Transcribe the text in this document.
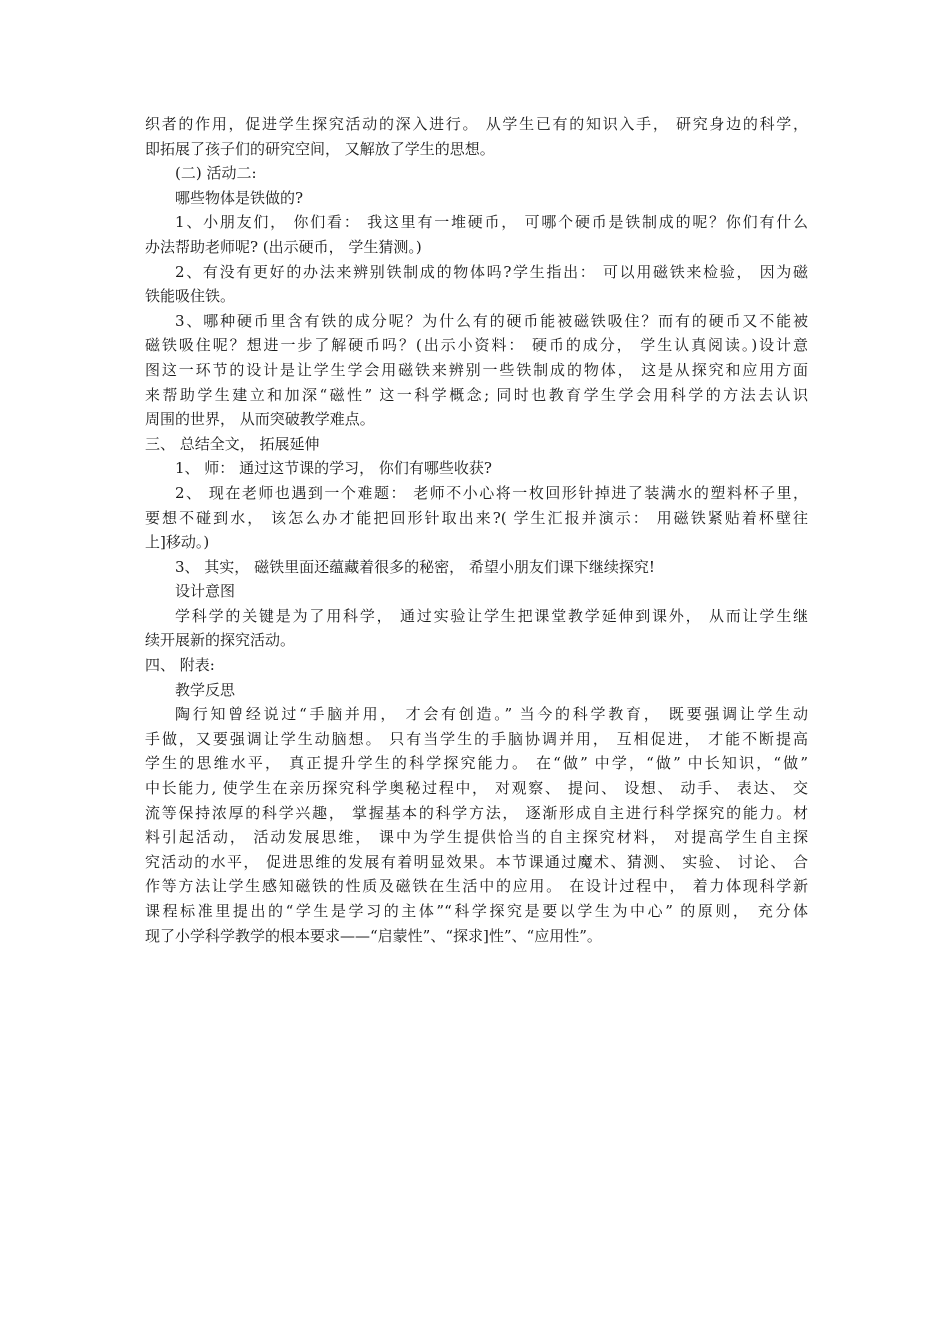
织者的作用，促进学生探究活动的深入进行。 从学生已有的知识入手， 研究身边的科学，
即拓展了孩子们的研究空间， 又解放了学生的思想。
(二) 活动二:
哪些物体是铁做的?
1、小朋友们， 你们看： 我这里有一堆硬币， 可哪个硬币是铁制成的呢？你们有什么
办法帮助老师呢? (出示硬币， 学生猜测。)
2、有没有更好的办法来辨别铁制成的物体吗?学生指出： 可以用磁铁来检验， 因为磁
铁能吸住铁。
3、哪种硬币里含有铁的成分呢？为什么有的硬币能被磁铁吸住？而有的硬币又不能被
磁铁吸住呢？想进一步了解硬币吗？(出示小资料： 硬币的成分， 学生认真阅读。)设计意
图这一环节的设计是让学生学会用磁铁来辨别一些铁制成的物体， 这是从探究和应用方面
来帮助学生建立和加深“磁性” 这一科学概念; 同时也教育学生学会用科学的方法去认识
周围的世界， 从而突破教学难点。
三、 总结全文， 拓展延伸
1、 师： 通过这节课的学习， 你们有哪些收获?
2、 现在老师也遇到一个难题： 老师不小心将一枚回形针掉进了装满水的塑料杯子里，
要想不碰到水， 该怎么办才能把回形针取出来?( 学生汇报并演示： 用磁铁紧贴着杯壁往
上]移动。)
3、 其实， 磁铁里面还蕴藏着很多的秘密， 希望小朋友们课下继续探究!
设计意图
学科学的关键是为了用科学， 通过实验让学生把课堂教学延伸到课外， 从而让学生继
续开展新的探究活动。
四、 附表:
教学反思
陶行知曾经说过“手脑并用， 才会有创造。” 当今的科学教育， 既要强调让学生动
手做，又要强调让学生动脑想。 只有当学生的手脑协调并用， 互相促进， 才能不断提高
学生的思维水平， 真正提升学生的科学探究能力。 在“做” 中学，“做” 中长知识，“做”
中长能力, 使学生在亲历探究科学奥秘过程中， 对观察、 提问、 设想、 动手、 表达、 交
流等保持浓厚的科学兴趣， 掌握基本的科学方法， 逐渐形成自主进行科学探究的能力。材
料引起活动， 活动发展思维， 课中为学生提供恰当的自主探究材料， 对提高学生自主探
究活动的水平， 促进思维的发展有着明显效果。本节课通过魔术、猜测、 实验、 讨论、 合
作等方法让学生感知磁铁的性质及磁铁在生活中的应用。 在设计过程中， 着力体现科学新
课程标准里提出的“学生是学习的主体”“科学探究是要以学生为中心” 的原则， 充分体
现了小学科学教学的根本要求——“启蒙性”、“探求]性”、“应用性”。
